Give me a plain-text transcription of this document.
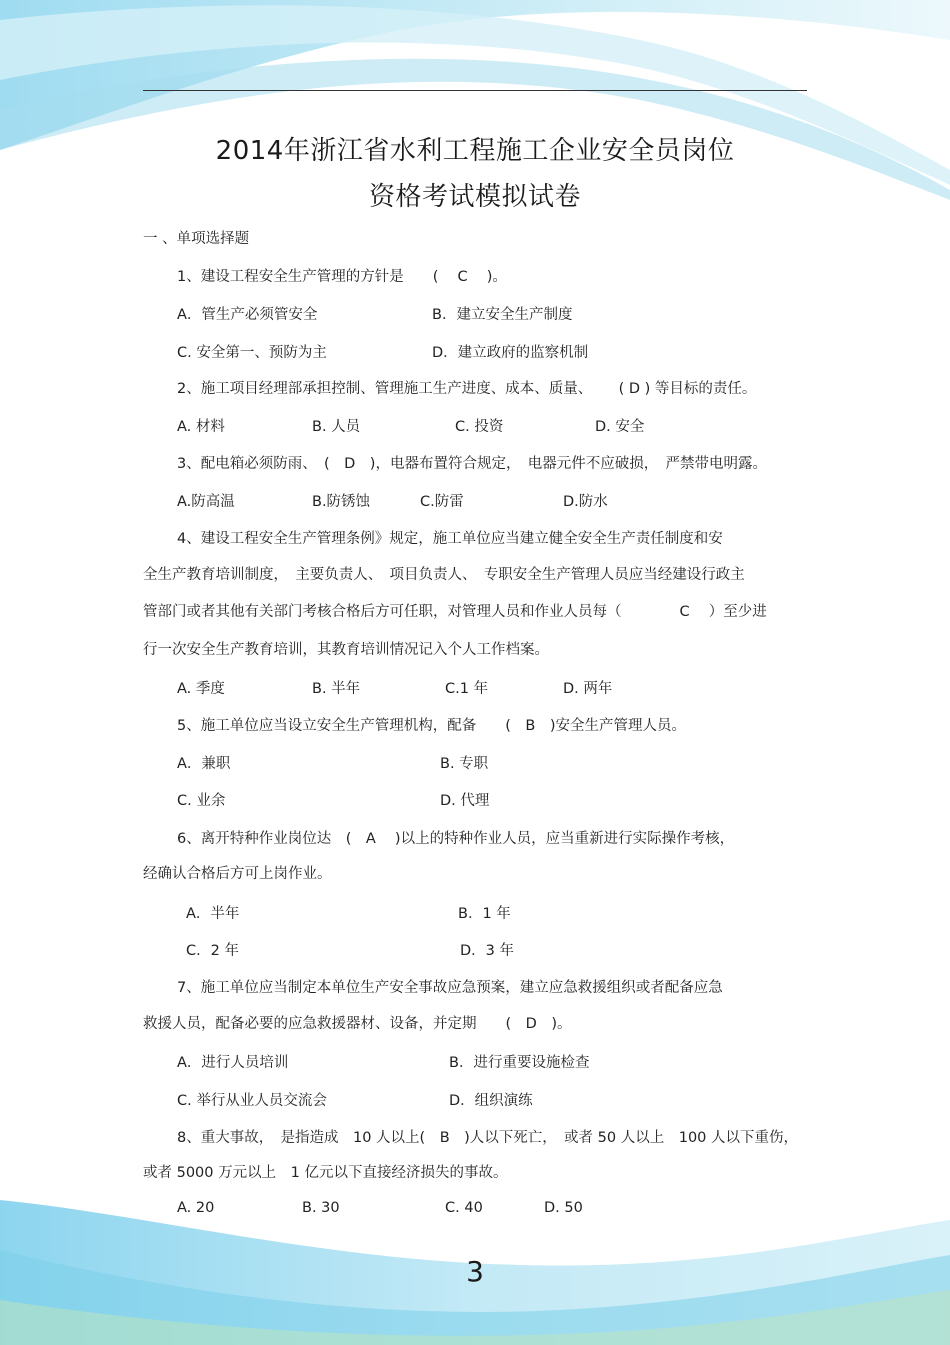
2014年浙江省水利工程施工企业安全员岗位
资格考试模拟试卷
一 、单项选择题
1、建设工程安全生产管理的方针是　　(　 C 　)。
A．管生产必须管安全	B．建立安全生产制度
C. 安全第一、预防为主	D．建立政府的监察机制
2、施工项目经理部承担控制、管理施工生产进度、成本、质量、　　 ( D ) 等目标的责任。
A. 材料	B. 人员	C. 投资	D. 安全
3、配电箱必须防雨、　(　D　)，电器布置符合规定，　电器元件不应破损，　严禁带电明露。
A.防高温	B.防锈蚀	C.防雷	D.防水
4、建设工程安全生产管理条例》规定，施工单位应当建立健全安全生产责任制度和安
全生产教育培训制度，　主要负责人、　项目负责人、　专职安全生产管理人员应当经建设行政主
管部门或者其他有关部门考核合格后方可任职，对管理人员和作业人员每（　　　　C　 ）至少进
行一次安全生产教育培训，其教育培训情况记入个人工作档案。
A. 季度	B. 半年	C.1 年	D. 两年
5、施工单位应当设立安全生产管理机构，配备　　(　B　)安全生产管理人员。
A．兼职	B. 专职
C. 业余	D. 代理
6、离开特种作业岗位达　(　A　 )以上的特种作业人员，应当重新进行实际操作考核，
经确认合格后方可上岗作业。
A．半年	B．1 年
C．2 年	D．3 年
7、施工单位应当制定本单位生产安全事故应急预案，建立应急救援组织或者配备应急
救援人员，配备必要的应急救援器材、设备，并定期　　(　D　)。
A．进行人员培训	B．进行重要设施检查
C. 举行从业人员交流会	D．组织演练
8、重大事故，　是指造成　10 人以上(　B　)人以下死亡，　或者 50 人以上　100 人以下重伤，
或者 5000 万元以上　1 亿元以下直接经济损失的事故。
A. 20	B. 30	C. 40	D. 50
3
